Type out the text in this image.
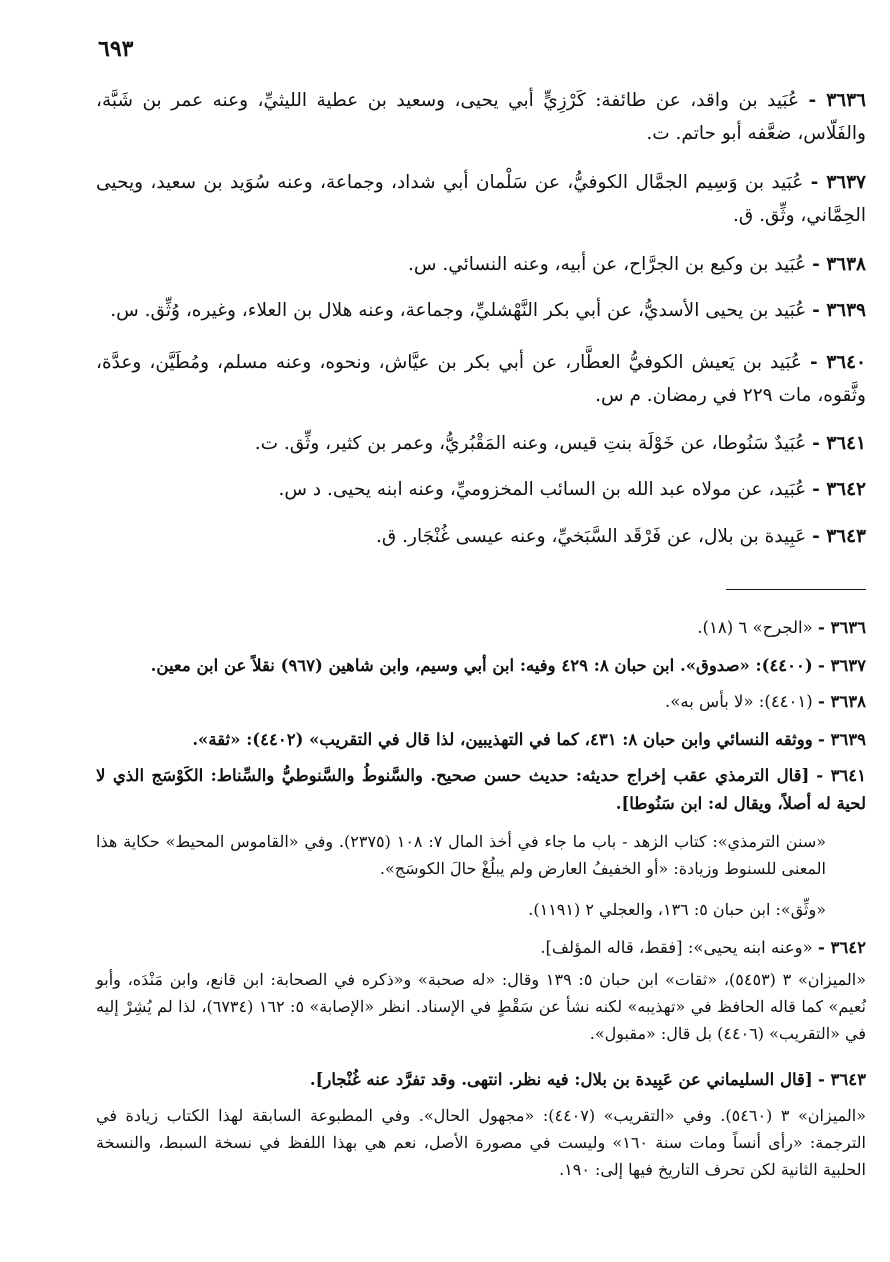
٦٩٣
٣٦٣٦ - عُبَيد بن واقد، عن طائفة: كَرْزِيٍّ أبي يحيى، وسعيد بن عطية الليثيِّ، وعنه عمر بن شَبَّة، والفَلّاس، ضعَّفه أبو حاتم. ت.
٣٦٣٧ - عُبَيد بن وَسِيم الجمَّال الكوفيُّ، عن سَلْمان أبي شداد، وجماعة، وعنه سُوَيد بن سعيد، ويحيى الحِمَّاني، وثِّق. ق.
٣٦٣٨ - عُبَيد بن وكيع بن الجرَّاح، عن أبيه، وعنه النسائي. س.
٣٦٣٩ - عُبَيد بن يحيى الأسديُّ، عن أبي بكر النَّهْشليِّ، وجماعة، وعنه هلال بن العلاء، وغيره، وُثِّق. س.
٣٦٤٠ - عُبَيد بن يَعيش الكوفيُّ العطَّار، عن أبي بكر بن عيَّاش، ونحوه، وعنه مسلم، ومُطَيَّن، وعدَّة، وثَّقوه، مات ٢٢٩ في رمضان. م س.
٣٦٤١ - عُبَيدٌ سَنُوطا، عن خَوْلَة بنتِ قيس، وعنه المَقْبُريُّ، وعمر بن كثير، وثِّق. ت.
٣٦٤٢ - عُبَيد، عن مولاه عبد الله بن السائب المخزوميِّ، وعنه ابنه يحيى. د س.
٣٦٤٣ - عَبِيدة بن بلال، عن فَرْقَد السَّبَخيِّ، وعنه عيسى غُنْجَار. ق.
٣٦٣٦ - «الجرح» ٦ (١٨).
٣٦٣٧ - (٤٤٠٠): «صدوق». ابن حبان ٨: ٤٢٩ وفيه: ابن أبي وسيم، وابن شاهين (٩٦٧) نقلاً عن ابن معين.
٣٦٣٨ - (٤٤٠١): «لا بأس به».
٣٦٣٩ - ووثقه النسائي وابن حبان ٨: ٤٣١، كما في التهذيبين، لذا قال في التقريب» (٤٤٠٢): «ثقة».
٣٦٤١ - [قال الترمذي عقب إخراج حديثه: حديث حسن صحيح. والسَّنوطُ والسَّنوطيُّ والسِّناط: الكَوْسَج الذي لا لحية له أصلاً، ويقال له: ابن سَنُوطا].
«سنن الترمذي»: كتاب الزهد - باب ما جاء في أخذ المال ٧: ١٠٨ (٢٣٧٥). وفي «القاموس المحيط» حكاية هذا المعنى للسنوط وزيادة: «أو الخفيفُ العارض ولم يبلُغْ حالَ الكوسَج».
«وثِّق»: ابن حبان ٥: ١٣٦، والعجلي ٢ (١١٩١).
٣٦٤٢ - «وعنه ابنه يحيى»: [فقط، قاله المؤلف].
«الميزان» ٣ (٥٤٥٣)، «ثقات» ابن حبان ٥: ١٣٩ وقال: «له صحبة» و«ذكره في الصحابة: ابن قانع، وابن مَنْدَه، وأبو نُعيم» كما قاله الحافظ في «تهذيبه» لكنه نشأ عن سَقْطٍ في الإسناد. انظر «الإصابة» ٥: ١٦٢ (٦٧٣٤)، لذا لم يُشِرْ إليه في «التقريب» (٤٤٠٦) بل قال: «مقبول».
٣٦٤٣ - [قال السليماني عن عَبِيدة بن بلال: فيه نظر. انتهى. وقد تفرَّد عنه غُنْجار].
«الميزان» ٣ (٥٤٦٠). وفي «التقريب» (٤٤٠٧): «مجهول الحال». وفي المطبوعة السابقة لهذا الكتاب زيادة في الترجمة: «رأى أنساً ومات سنة ١٦٠» وليست في مصورة الأصل، نعم هي بهذا اللفظ في نسخة السبط، والنسخة الحلبية الثانية لكن تحرف التاريخ فيها إلى: ١٩٠.
